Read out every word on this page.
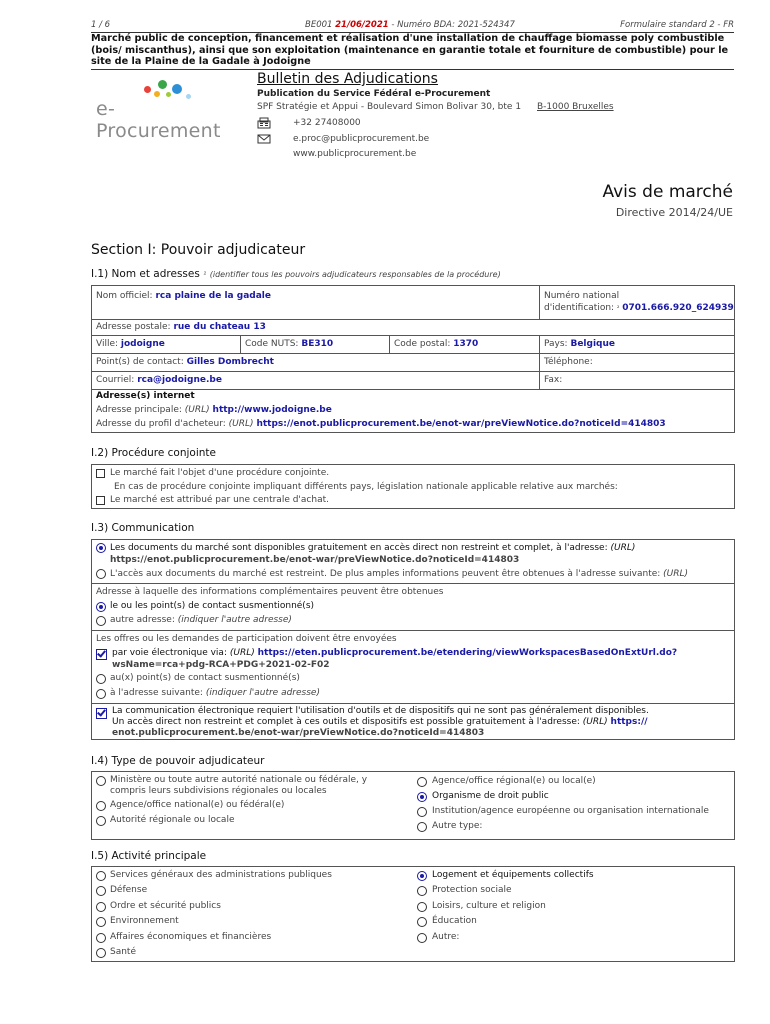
1 / 6	BE001 21/06/2021 - Numéro BDA: 2021-524347	Formulaire standard 2 - FR
Marché public de conception, financement et réalisation d'une installation de chauffage biomasse poly combustible (bois/ miscanthus), ainsi que son exploitation (maintenance en garantie totale et fourniture de combustible) pour le site de la Plaine de la Gadale à Jodoigne
e-Procurement
Bulletin des Adjudications
Publication du Service Fédéral e-Procurement
SPF Stratégie et Appui - Boulevard Simon Bolivar 30, bte 1 B-1000 Bruxelles
+32 27408000
e.proc@publicprocurement.be
www.publicprocurement.be
Avis de marché
Directive 2014/24/UE
Section I: Pouvoir adjudicateur
I.1) Nom et adresses ¹ (identifier tous les pouvoirs adjudicateurs responsables de la procédure)
Nom officiel: rca plaine de la gadale	Numéro national
d'identification: ² 0701.666.920_624939
Adresse postale: rue du chateau 13
Ville: jodoigne	Code NUTS: BE310	Code postal: 1370	Pays: Belgique
Point(s) de contact: Gilles Dombrecht	Téléphone:
Courriel: rca@jodoigne.be	Fax:
Adresse(s) internet
Adresse principale: (URL) http://www.jodoigne.be
Adresse du profil d'acheteur: (URL) https://enot.publicprocurement.be/enot-war/preViewNotice.do?noticeId=414803
I.2) Procédure conjointe
Le marché fait l'objet d'une procédure conjointe.
En cas de procédure conjointe impliquant différents pays, législation nationale applicable relative aux marchés:
Le marché est attribué par une centrale d'achat.
I.3) Communication
Les documents du marché sont disponibles gratuitement en accès direct non restreint et complet, à l'adresse: (URL)
https://enot.publicprocurement.be/enot-war/preViewNotice.do?noticeId=414803
L'accès aux documents du marché est restreint. De plus amples informations peuvent être obtenues à l'adresse suivante: (URL)
Adresse à laquelle des informations complémentaires peuvent être obtenues
le ou les point(s) de contact susmentionné(s)
autre adresse: (indiquer l'autre adresse)
Les offres ou les demandes de participation doivent être envoyées
par voie électronique via: (URL) https://eten.publicprocurement.be/etendering/viewWorkspacesBasedOnExtUrl.do?
wsName=rca+pdg-RCA+PDG+2021-02-F02
au(x) point(s) de contact susmentionné(s)
à l'adresse suivante: (indiquer l'autre adresse)
La communication électronique requiert l'utilisation d'outils et de dispositifs qui ne sont pas généralement disponibles.
Un accès direct non restreint et complet à ces outils et dispositifs est possible gratuitement à l'adresse: (URL) https://
enot.publicprocurement.be/enot-war/preViewNotice.do?noticeId=414803
I.4) Type de pouvoir adjudicateur
Ministère ou toute autre autorité nationale ou fédérale, y
compris leurs subdivisions régionales ou locales
Agence/office national(e) ou fédéral(e)
Autorité régionale ou locale
Agence/office régional(e) ou local(e)
Organisme de droit public
Institution/agence européenne ou organisation internationale
Autre type:
I.5) Activité principale
Services généraux des administrations publiques
Défense
Ordre et sécurité publics
Environnement
Affaires économiques et financières
Santé
Logement et équipements collectifs
Protection sociale
Loisirs, culture et religion
Éducation
Autre:
